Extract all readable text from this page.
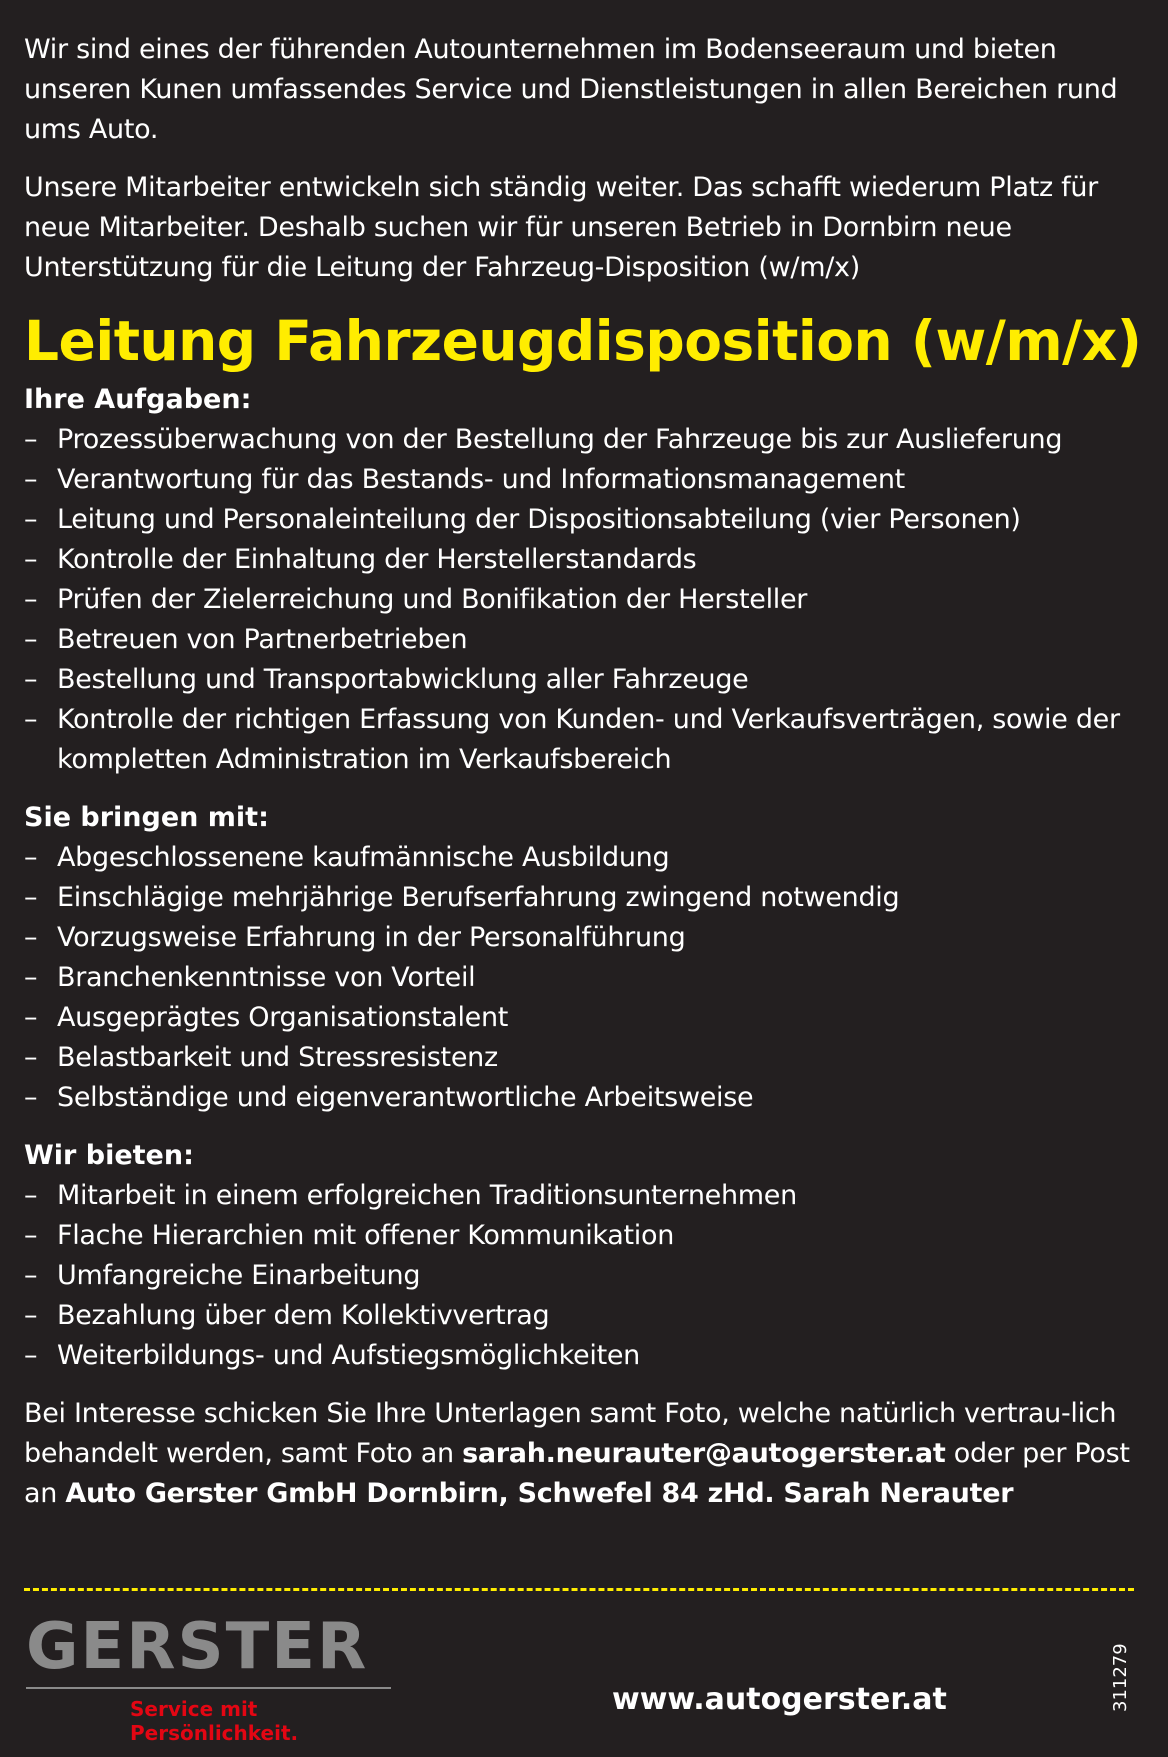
Wir sind eines der führenden Autounternehmen im Bodenseeraum und bieten unseren Kunen umfassendes Service und Dienstleistungen in allen Bereichen rund ums Auto.

Unsere Mitarbeiter entwickeln sich ständig weiter. Das schafft wiederum Platz für neue Mitarbeiter. Deshalb suchen wir für unseren Betrieb in Dornbirn neue Unterstützung für die Leitung der Fahrzeug-Disposition (w/m/x)

Leitung Fahrzeugdisposition (w/m/x)
Ihre Aufgaben:
– Prozessüberwachung von der Bestellung der Fahrzeuge bis zur Auslieferung
– Verantwortung für das Bestands- und Informationsmanagement
– Leitung und Personaleinteilung der Dispositionsabteilung (vier Personen)
– Kontrolle der Einhaltung der Herstellerstandards
– Prüfen der Zielerreichung und Bonifikation der Hersteller
– Betreuen von Partnerbetrieben
– Bestellung und Transportabwicklung aller Fahrzeuge
– Kontrolle der richtigen Erfassung von Kunden- und Verkaufsverträgen, sowie der kompletten Administration im Verkaufsbereich
Sie bringen mit:
– Abgeschlossenene kaufmännische Ausbildung
– Einschlägige mehrjährige Berufserfahrung zwingend notwendig
– Vorzugsweise Erfahrung in der Personalführung
– Branchenkenntnisse von Vorteil
– Ausgeprägtes Organisationstalent
– Belastbarkeit und Stressresistenz
– Selbständige und eigenverantwortliche Arbeitsweise
Wir bieten:
– Mitarbeit in einem erfolgreichen Traditionsunternehmen
– Flache Hierarchien mit offener Kommunikation
– Umfangreiche Einarbeitung
– Bezahlung über dem Kollektivvertrag
– Weiterbildungs- und Aufstiegsmöglichkeiten

Bei Interesse schicken Sie Ihre Unterlagen samt Foto, welche natürlich vertrau-lich behandelt werden, samt Foto an sarah.neurauter@autogerster.at oder per Post an Auto Gerster GmbH Dornbirn, Schwefel 84 zHd. Sarah Nerauter

GERSTER
Service mit Persönlichkeit.
www.autogerster.at	311279
